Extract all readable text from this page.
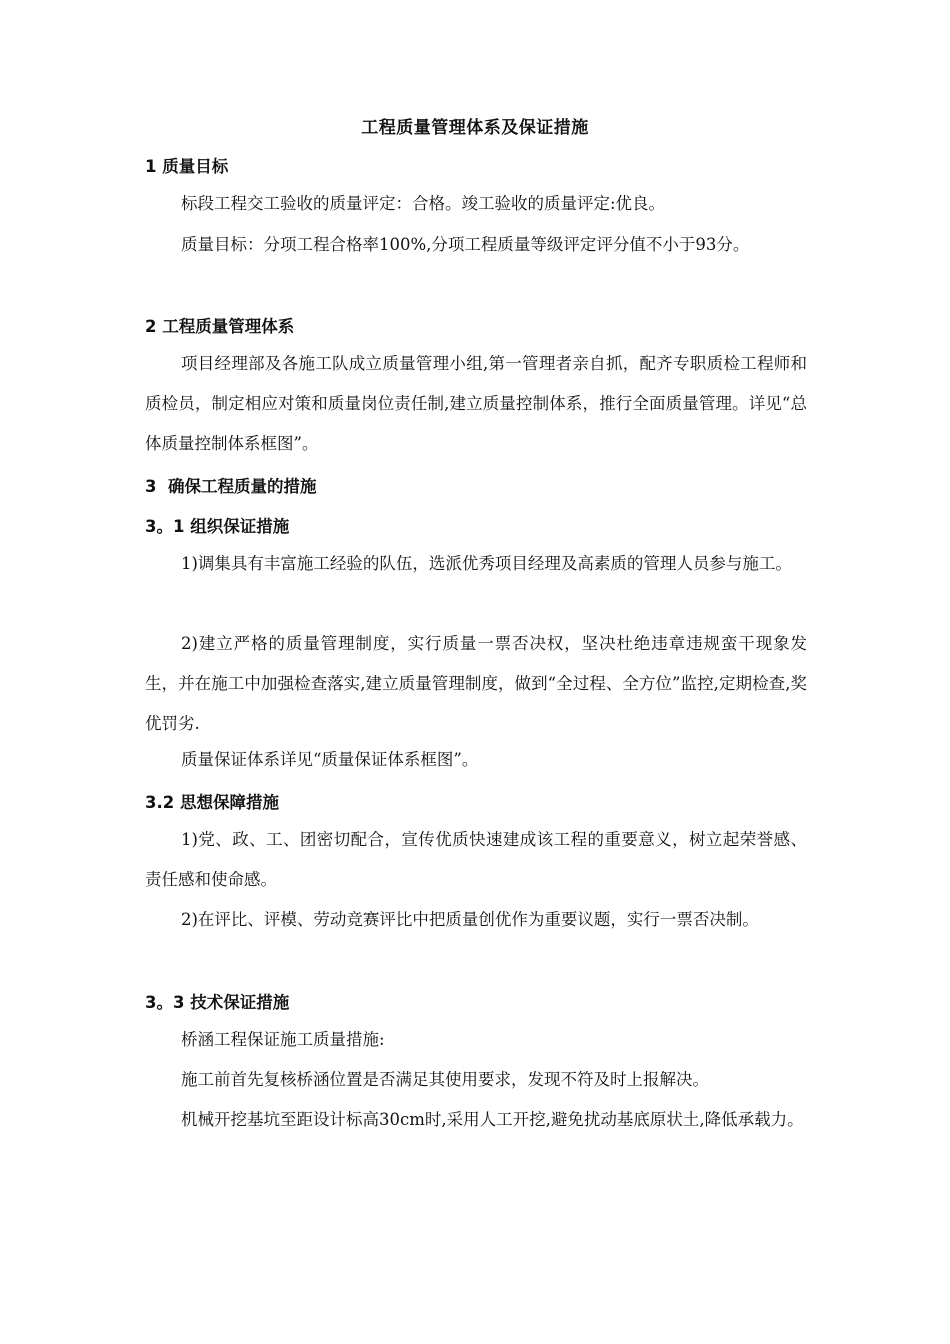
工程质量管理体系及保证措施
1 质量目标

标段工程交工验收的质量评定：合格。竣工验收的质量评定:优良。

质量目标：分项工程合格率100%,分项工程质量等级评定评分值不小于93分。

2 工程质量管理体系

项目经理部及各施工队成立质量管理小组,第一管理者亲自抓，配齐专职质检工程师和质检员，制定相应对策和质量岗位责任制,建立质量控制体系，推行全面质量管理。详见“总体质量控制体系框图”。

3  确保工程质量的措施
3。1 组织保证措施

1)调集具有丰富施工经验的队伍，选派优秀项目经理及高素质的管理人员参与施工。

2)建立严格的质量管理制度，实行质量一票否决权，坚决杜绝违章违规蛮干现象发生，并在施工中加强检查落实,建立质量管理制度，做到“全过程、全方位”监控,定期检查,奖优罚劣.

质量保证体系详见“质量保证体系框图”。

3.2 思想保障措施

1)党、政、工、团密切配合，宣传优质快速建成该工程的重要意义，树立起荣誉感、责任感和使命感。

2)在评比、评模、劳动竞赛评比中把质量创优作为重要议题，实行一票否决制。

3。3 技术保证措施

桥涵工程保证施工质量措施:

施工前首先复核桥涵位置是否满足其使用要求，发现不符及时上报解决。

机械开挖基坑至距设计标高30cm时,采用人工开挖,避免扰动基底原状土,降低承载力。
